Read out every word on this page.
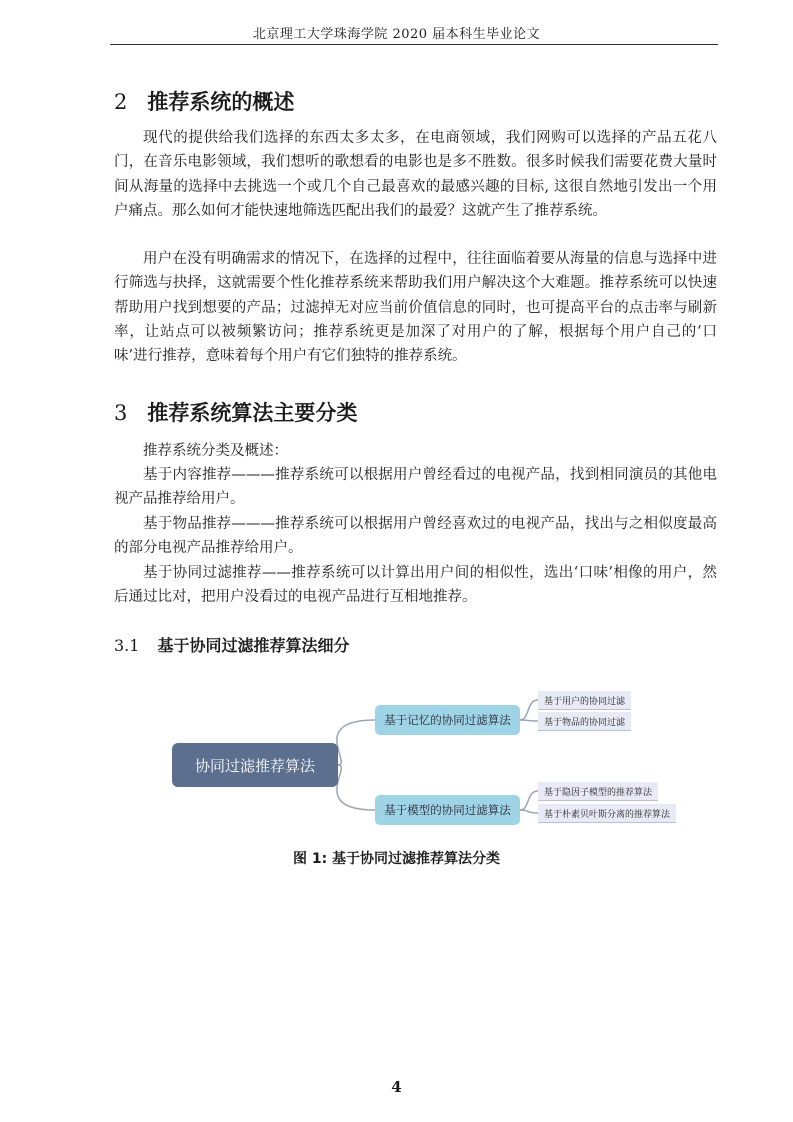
北京理工大学珠海学院 2020 届本科生毕业论文
2 推荐系统的概述

现代的提供给我们选择的东西太多太多，在电商领域，我们网购可以选择的产品五花八门，在音乐电影领域，我们想听的歌想看的电影也是多不胜数。很多时候我们需要花费大量时间从海量的选择中去挑选一个或几个自己最喜欢的最感兴趣的目标, 这很自然地引发出一个用户痛点。那么如何才能快速地筛选匹配出我们的最爱？这就产生了推荐系统。

用户在没有明确需求的情况下，在选择的过程中，往往面临着要从海量的信息与选择中进行筛选与抉择，这就需要个性化推荐系统来帮助我们用户解决这个大难题。推荐系统可以快速帮助用户找到想要的产品；过滤掉无对应当前价值信息的同时，也可提高平台的点击率与刷新率，让站点可以被频繁访问；推荐系统更是加深了对用户的了解，根据每个用户自己的‘口味’进行推荐，意味着每个用户有它们独特的推荐系统。

3 推荐系统算法主要分类

推荐系统分类及概述：

基于内容推荐———推荐系统可以根据用户曾经看过的电视产品，找到相同演员的其他电视产品推荐给用户。

基于物品推荐———推荐系统可以根据用户曾经喜欢过的电视产品，找出与之相似度最高的部分电视产品推荐给用户。

基于协同过滤推荐——推荐系统可以计算出用户间的相似性，选出‘口味’相像的用户，然后通过比对，把用户没看过的电视产品进行互相地推荐。

3.1 基于协同过滤推荐算法细分
协同过滤推荐算法
基于记忆的协同过滤算法
基于用户的协同过滤
基于物品的协同过滤
基于模型的协同过滤算法
基于隐因子模型的推荐算法
基于朴素贝叶斯分离的推荐算法
图 1: 基于协同过滤推荐算法分类
4
